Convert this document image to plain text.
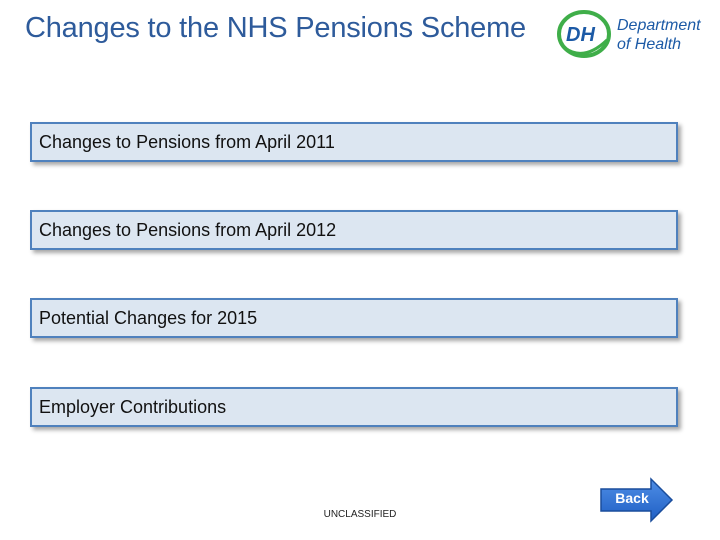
Changes to the NHS Pensions Scheme DH Department
of Health
Changes to Pensions from April 2011
Changes to Pensions from April 2012
Potential Changes for 2015
Employer Contributions
Back
UNCLASSIFIED
